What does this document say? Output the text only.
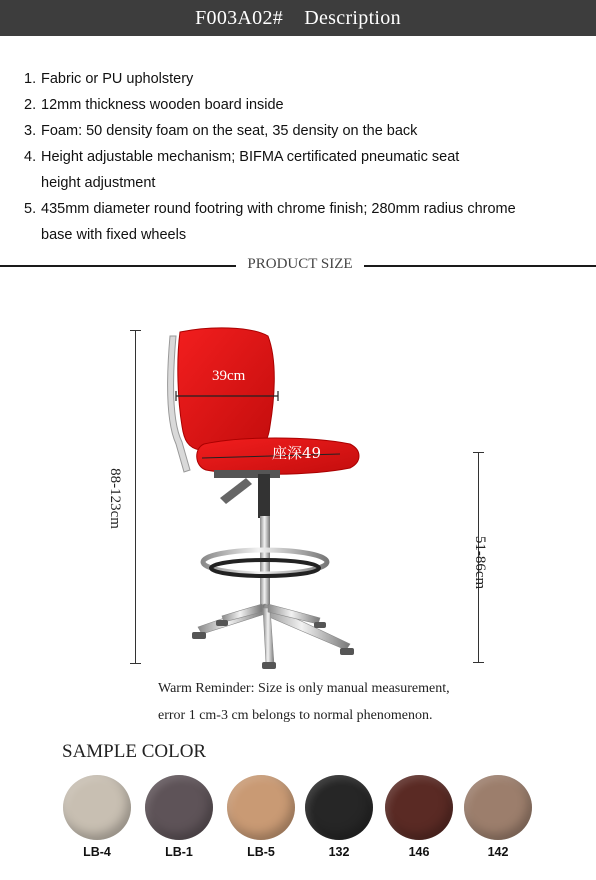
F003A02# Description
1. Fabric or PU upholstery
2. 12mm thickness wooden board inside
3. Foam: 50 density foam on the seat, 35 density on the back
4. Height adjustable mechanism; BIFMA certificated pneumatic seat
height adjustment
5. 435mm diameter round footring with chrome finish; 280mm radius chrome
base with fixed wheels
PRODUCT SIZE
88-123cm
51-86cm
39cm
座深49
Warm Reminder: Size is only manual measurement,
error 1 cm-3 cm belongs to normal phenomenon.
SAMPLE COLOR
LB-4	LB-1	LB-5	132	146	142
